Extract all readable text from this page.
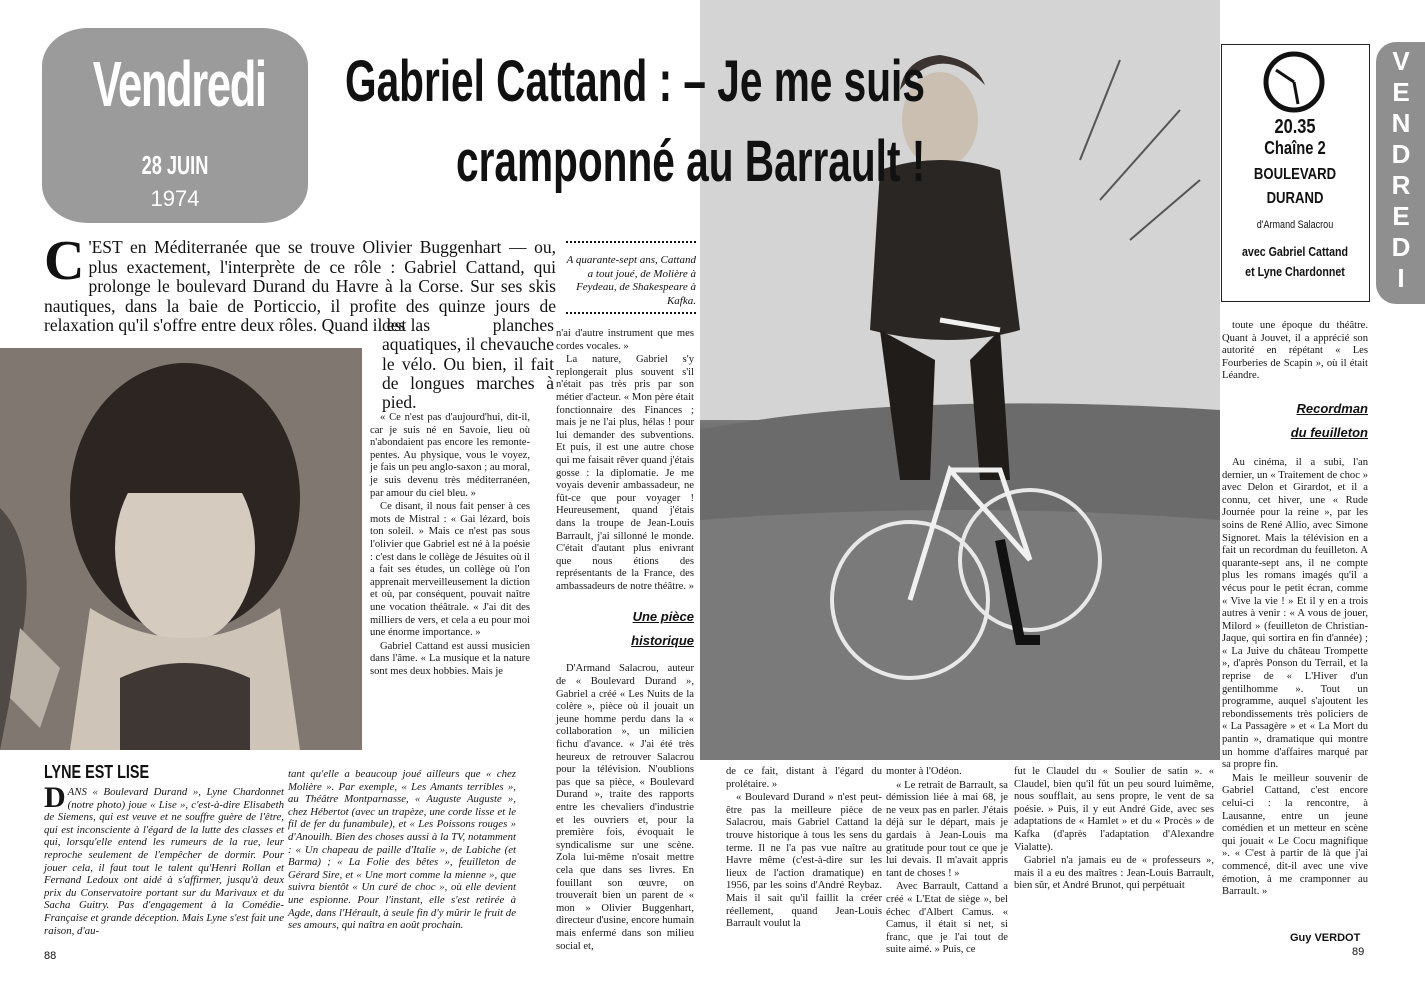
Vendredi
28 JUIN
1974
Gabriel Cattand : – Je me suis
cramponné au Barrault !
C 'EST en Méditerranée que se trouve Olivier Buggenhart — ou, plus exactement, l'interprète de ce rôle : Gabriel Cattand, qui prolonge le boulevard Durand du Havre à la Corse. Sur ses skis nautiques, dans la baie de Porticcio, il profite des quinze jours de relaxation qu'il s'offre entre deux rôles. Quand il est las
des planches aquatiques, il chevauche le vélo. Ou bien, il fait de longues marches à pied.

« Ce n'est pas d'aujourd'hui, dit-il, car je suis né en Savoie, lieu où n'abondaient pas encore les remonte-pentes. Au physique, vous le voyez, je fais un peu anglo-saxon ; au moral, je suis devenu très méditerranéen, par amour du ciel bleu. »

Ce disant, il nous fait penser à ces mots de Mistral : « Gai lézard, bois ton soleil. » Mais ce n'est pas sous l'olivier que Gabriel est né à la poésie : c'est dans le collège de Jésuites où il a fait ses études, un collège où l'on apprenait merveilleusement la diction et où, par conséquent, pouvait naître une vocation théâtrale. « J'ai dit des milliers de vers, et cela a eu pour moi une énorme importance. »

Gabriel Cattand est aussi musicien dans l'âme. « La musique et la nature sont mes deux hobbies. Mais je

A quarante-sept ans, Cattand a tout joué, de Molière à Feydeau, de Shakespeare à Kafka.

n'ai d'autre instrument que mes cordes vocales. »

La nature, Gabriel s'y replongerait plus souvent s'il n'était pas très pris par son métier d'acteur. « Mon père était fonctionnaire des Finances ; mais je ne l'ai plus, hélas ! pour lui demander des subventions. Et puis, il est une autre chose qui me faisait rêver quand j'étais gosse : la diplomatie. Je me voyais devenir ambassadeur, ne fût-ce que pour voyager ! Heureusement, quand j'étais dans la troupe de Jean-Louis Barrault, j'ai sillonné le monde. C'était d'autant plus enivrant que nous étions des représentants de la France, des ambassadeurs de notre théâtre. »

Une pièce
historique

D'Armand Salacrou, auteur de « Boulevard Durand », Gabriel a créé « Les Nuits de la colère », pièce où il jouait un jeune homme perdu dans la « collaboration », un milicien fichu d'avance. « J'ai été très heureux de retrouver Salacrou pour la télévision. N'oublions pas que sa pièce, « Boulevard Durand », traite des rapports entre les chevaliers d'industrie et les ouvriers et, pour la première fois, évoquait le syndicalisme sur une scène. Zola lui-même n'osait mettre cela que dans ses livres. En fouillant son œuvre, on trouverait bien un parent de « mon » Olivier Buggenhart, directeur d'usine, encore humain mais enfermé dans son milieu social et,

LYNE EST LISE
DANS « Boulevard Durand », Lyne Chardonnet (notre photo) joue « Lise », c'est-à-dire Elisabeth de Siemens, qui est veuve et ne souffre guère de l'être, qui est inconsciente à l'égard de la lutte des classes et qui, lorsqu'elle entend les rumeurs de la rue, leur reproche seulement de l'empêcher de dormir. Pour jouer cela, il faut tout le talent qu'Henri Rollan et Fernand Ledoux ont aidé à s'affirmer, jusqu'à deux prix du Conservatoire portant sur du Marivaux et du Sacha Guitry. Pas d'engagement à la Comédie-Française et grande déception. Mais Lyne s'est fait une raison, d'au-
tant qu'elle a beaucoup joué ailleurs que « chez Molière ». Par exemple, « Les Amants terribles », au Théâtre Montparnasse, « Auguste Auguste », chez Hébertot (avec un trapèze, une corde lisse et le fil de fer du funambule), et « Les Poissons rouges » d'Anouilh. Bien des choses aussi à la TV, notamment : « Un chapeau de paille d'Italie », de Labiche (et Barma) ; « La Folie des bêtes », feuilleton de Gérard Sire, et « Une mort comme la mienne », que suivra bientôt « Un curé de choc », où elle devient une espionne. Pour l'instant, elle s'est retirée à Agde, dans l'Hérault, à seule fin d'y mûrir le fruit de ses amours, qui naîtra en août prochain.
88

de ce fait, distant à l'égard du prolétaire. »

« Boulevard Durand » n'est peut-être pas la meilleure pièce de Salacrou, mais Gabriel Cattand la trouve historique à tous les sens du terme. Il ne l'a pas vue naître au Havre même (c'est-à-dire sur les lieux de l'action dramatique) en 1956, par les soins d'André Reybaz. Mais il sait qu'il faillit la créer réellement, quand Jean-Louis Barrault voulut la

monter à l'Odéon.

« Le retrait de Barrault, sa démission liée à mai 68, je ne veux pas en parler. J'étais déjà sur le départ, mais je gardais à Jean-Louis ma gratitude pour tout ce que je lui devais. Il m'avait appris tant de choses ! »

Avec Barrault, Cattand a créé « L'Etat de siège », bel échec d'Albert Camus. « Camus, il était si net, si franc, que je l'ai tout de suite aimé. » Puis, ce

fut le Claudel du « Soulier de satin ». « Claudel, bien qu'il fût un peu sourd luimême, nous soufflait, au sens propre, le vent de sa poésie. » Puis, il y eut André Gide, avec ses adaptations de « Hamlet » et du « Procès » de Kafka (d'après l'adaptation d'Alexandre Vialatte).

Gabriel n'a jamais eu de « professeurs », mais il a eu des maîtres : Jean-Louis Barrault, bien sûr, et André Brunot, qui perpétuait

20.35
Chaîne 2
BOULEVARD
DURAND
d'Armand Salacrou
avec Gabriel Cattand
et Lyne Chardonnet
V
E
N
D
R
E
D
I

toute une époque du théâtre. Quant à Jouvet, il a apprécié son autorité en répétant « Les Fourberies de Scapin », où il était Léandre.

Recordman
du feuilleton

Au cinéma, il a subi, l'an dernier, un « Traitement de choc » avec Delon et Girardot, et il a connu, cet hiver, une « Rude Journée pour la reine », par les soins de René Allio, avec Simone Signoret. Mais la télévision en a fait un recordman du feuilleton. A quarante-sept ans, il ne compte plus les romans imagés qu'il a vécus pour le petit écran, comme « Vive la vie ! » Et il y en a trois autres à venir : « A vous de jouer, Milord » (feuilleton de Christian-Jaque, qui sortira en fin d'année) ; « La Juive du château Trompette », d'après Ponson du Terrail, et la reprise de « L'Hiver d'un gentilhomme ». Tout un programme, auquel s'ajoutent les rebondissements très policiers de « La Passagère » et « La Mort du pantin », dramatique qui montre un homme d'affaires marqué par sa propre fin.

Mais le meilleur souvenir de Gabriel Cattand, c'est encore celui-ci : la rencontre, à Lausanne, entre un jeune comédien et un metteur en scène qui jouait « Le Cocu magnifique ». « C'est à partir de là que j'ai commencé, dit-il avec une vive émotion, à me cramponner au Barrault. »

Guy VERDOT
89
